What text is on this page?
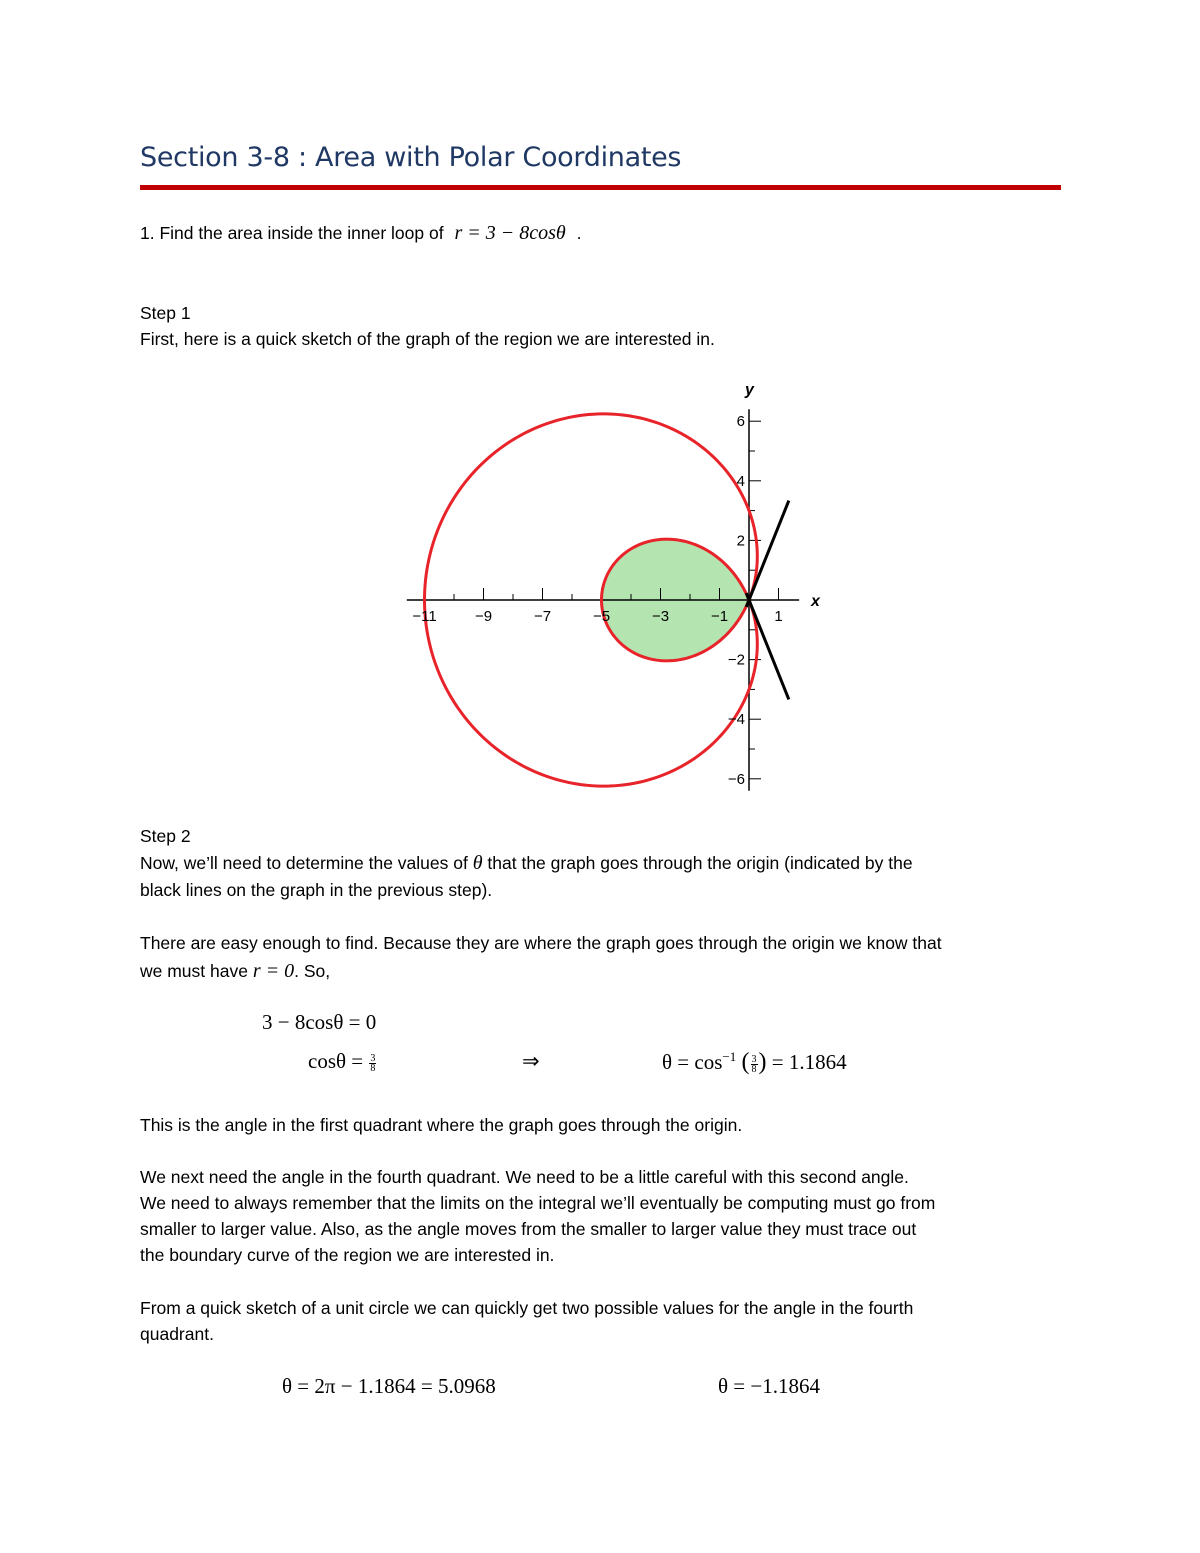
Section 3-8 : Area with Polar Coordinates
1. Find the area inside the inner loop of r = 3 − 8cosθ .
Step 1
First, here is a quick sketch of the graph of the region we are interested in.
−11	−9	−7	−5	−3	−1	1
6
4
2
−2
−4
−6
x
y
Step 2
Now, we’ll need to determine the values of θ that the graph goes through the origin (indicated by the
black lines on the graph in the previous step).
There are easy enough to find. Because they are where the graph goes through the origin we know that
we must have r = 0. So,
3 − 8cosθ = 0
$\cos\theta = \frac{3}{8}$	⇒	$\theta = \cos^{-1}$ ( $\frac{3}{8}$ ) = 1.1864
This is the angle in the first quadrant where the graph goes through the origin.
We next need the angle in the fourth quadrant. We need to be a little careful with this second angle.
We need to always remember that the limits on the integral we’ll eventually be computing must go from
smaller to larger value. Also, as the angle moves from the smaller to larger value they must trace out
the boundary curve of the region we are interested in.
From a quick sketch of a unit circle we can quickly get two possible values for the angle in the fourth
quadrant.
θ = 2π − 1.1864 = 5.0968	θ = −1.1864
